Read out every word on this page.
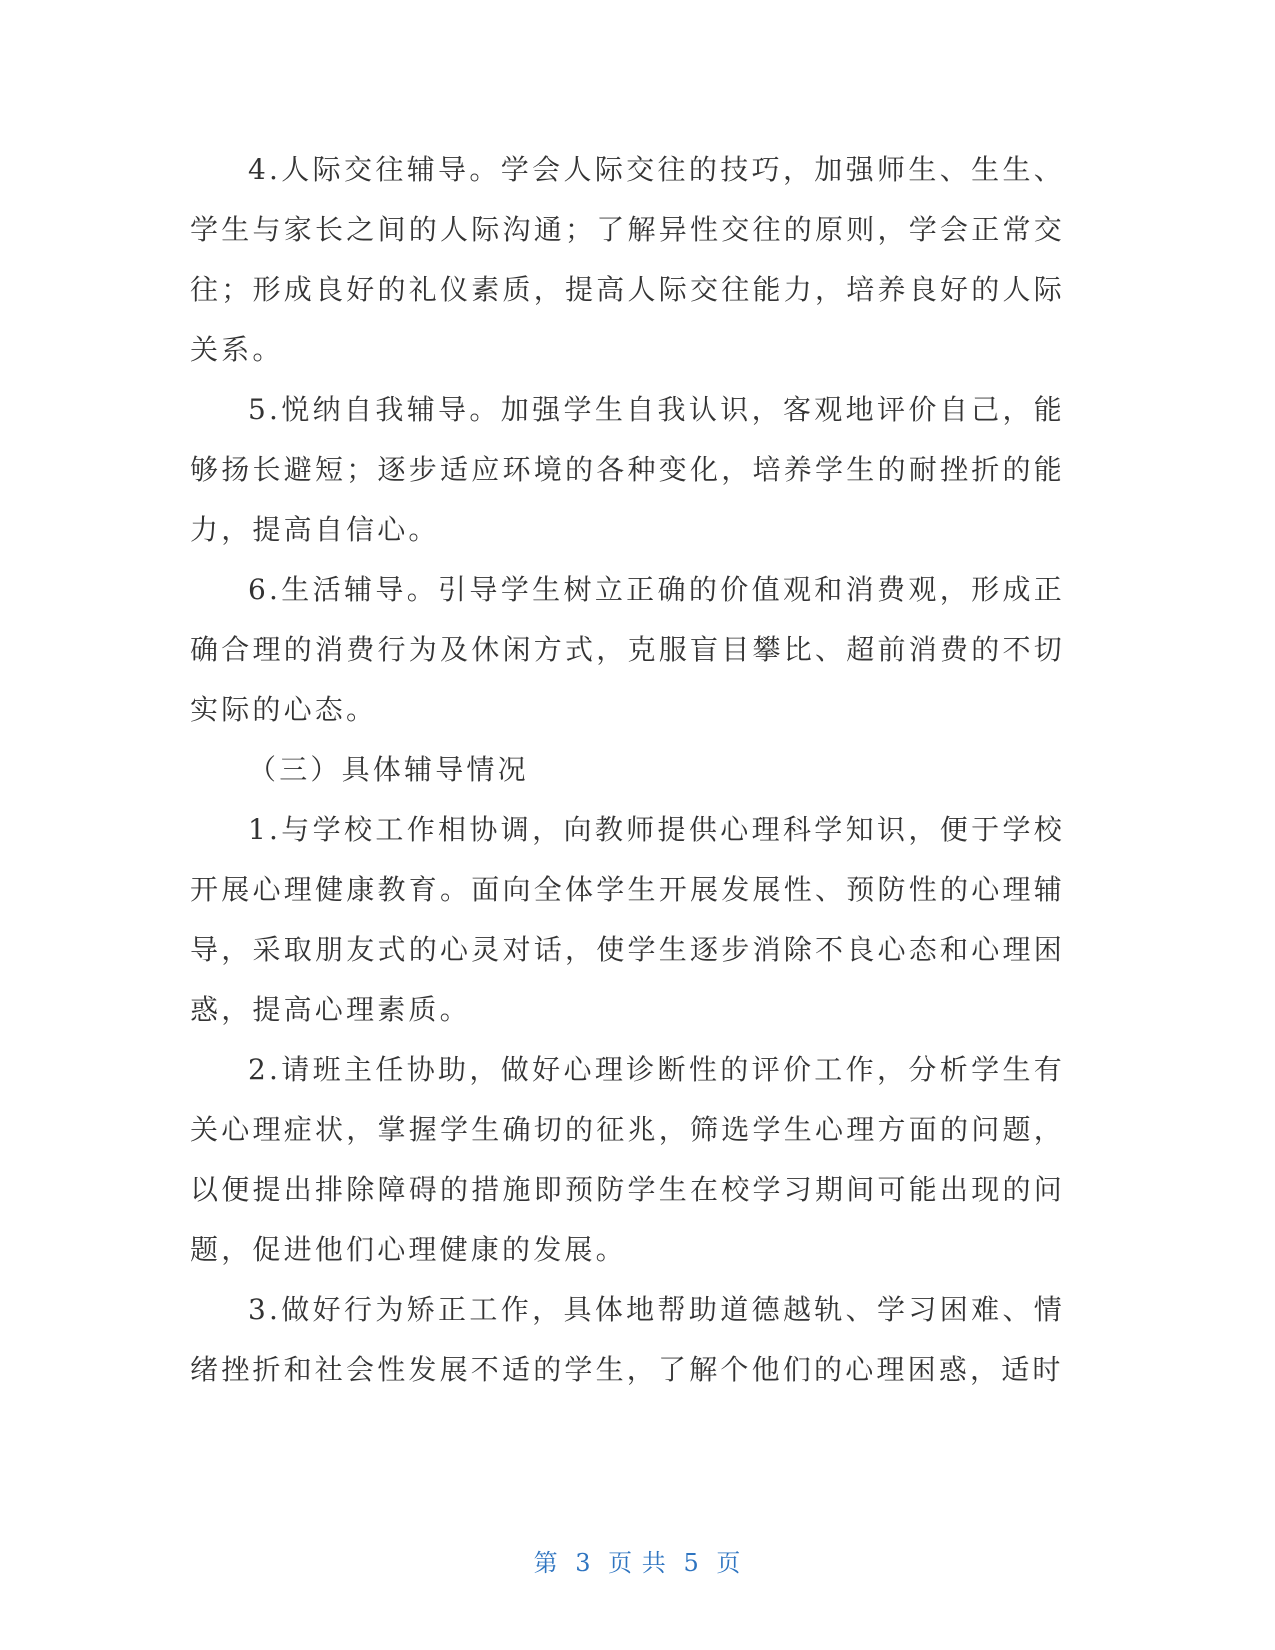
4.人际交往辅导。学会人际交往的技巧，加强师生、生生、学生与家长之间的人际沟通；了解异性交往的原则，学会正常交往；形成良好的礼仪素质，提高人际交往能力，培养良好的人际关系。

5.悦纳自我辅导。加强学生自我认识，客观地评价自己，能够扬长避短；逐步适应环境的各种变化，培养学生的耐挫折的能力，提高自信心。

6.生活辅导。引导学生树立正确的价值观和消费观，形成正确合理的消费行为及休闲方式，克服盲目攀比、超前消费的不切实际的心态。

（三）具体辅导情况

1.与学校工作相协调，向教师提供心理科学知识，便于学校开展心理健康教育。面向全体学生开展发展性、预防性的心理辅导，采取朋友式的心灵对话，使学生逐步消除不良心态和心理困惑，提高心理素质。

2.请班主任协助，做好心理诊断性的评价工作，分析学生有关心理症状，掌握学生确切的征兆，筛选学生心理方面的问题，以便提出排除障碍的措施即预防学生在校学习期间可能出现的问题，促进他们心理健康的发展。

3.做好行为矫正工作，具体地帮助道德越轨、学习困难、情绪挫折和社会性发展不适的学生，了解个他们的心理困惑，适时

第 3 页 共 5 页
